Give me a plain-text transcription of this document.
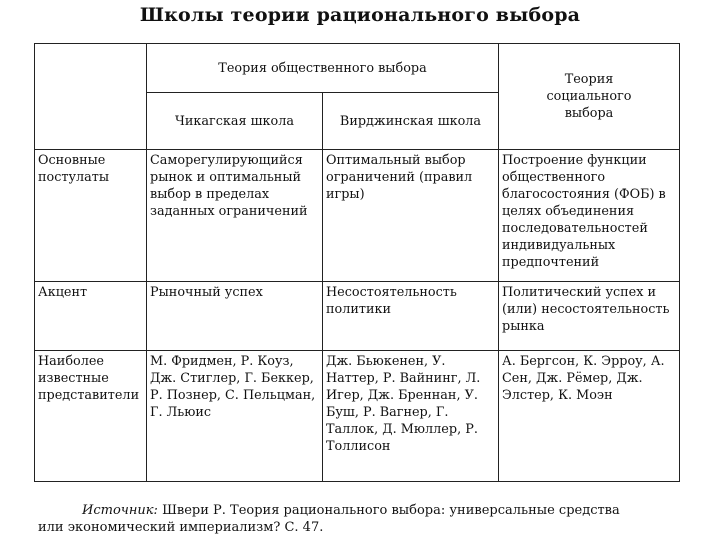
Школы теории рационального выбора
	Теория общественного выбора		Теория социального выбора
	Чикагская школа	Вирджинская школа	
Основные постулаты	Саморегулирующийся рынок и оптимальный выбор в пределах заданных ограничений	Оптимальный выбор ограничений (правил игры)	Построение функции общественного благосостояния (ФОБ) в целях объединения последовательностей индивидуальных предпочтений
Акцент	Рыночный успех	Несостоятельность политики	Политический успех и (или) несостоятельность рынка
Наиболее известные представители	М. Фридмен, Р. Коуз, Дж. Стиглер, Г. Беккер, Р. Познер, С. Пельцман, Г. Льюис	Дж. Бьюкенен, У. Наттер, Р. Вайнинг, Л. Игер, Дж. Бреннан, У. Буш, Р. Вагнер, Г. Таллок, Д. Мюллер, Р. Толлисон	А. Бергсон, К. Эрроу, А. Сен, Дж. Рёмер, Дж. Элстер, К. Моэн
Источник: Швери Р. Теория рационального выбора: универсальные средства
или экономический империализм? С. 47.
